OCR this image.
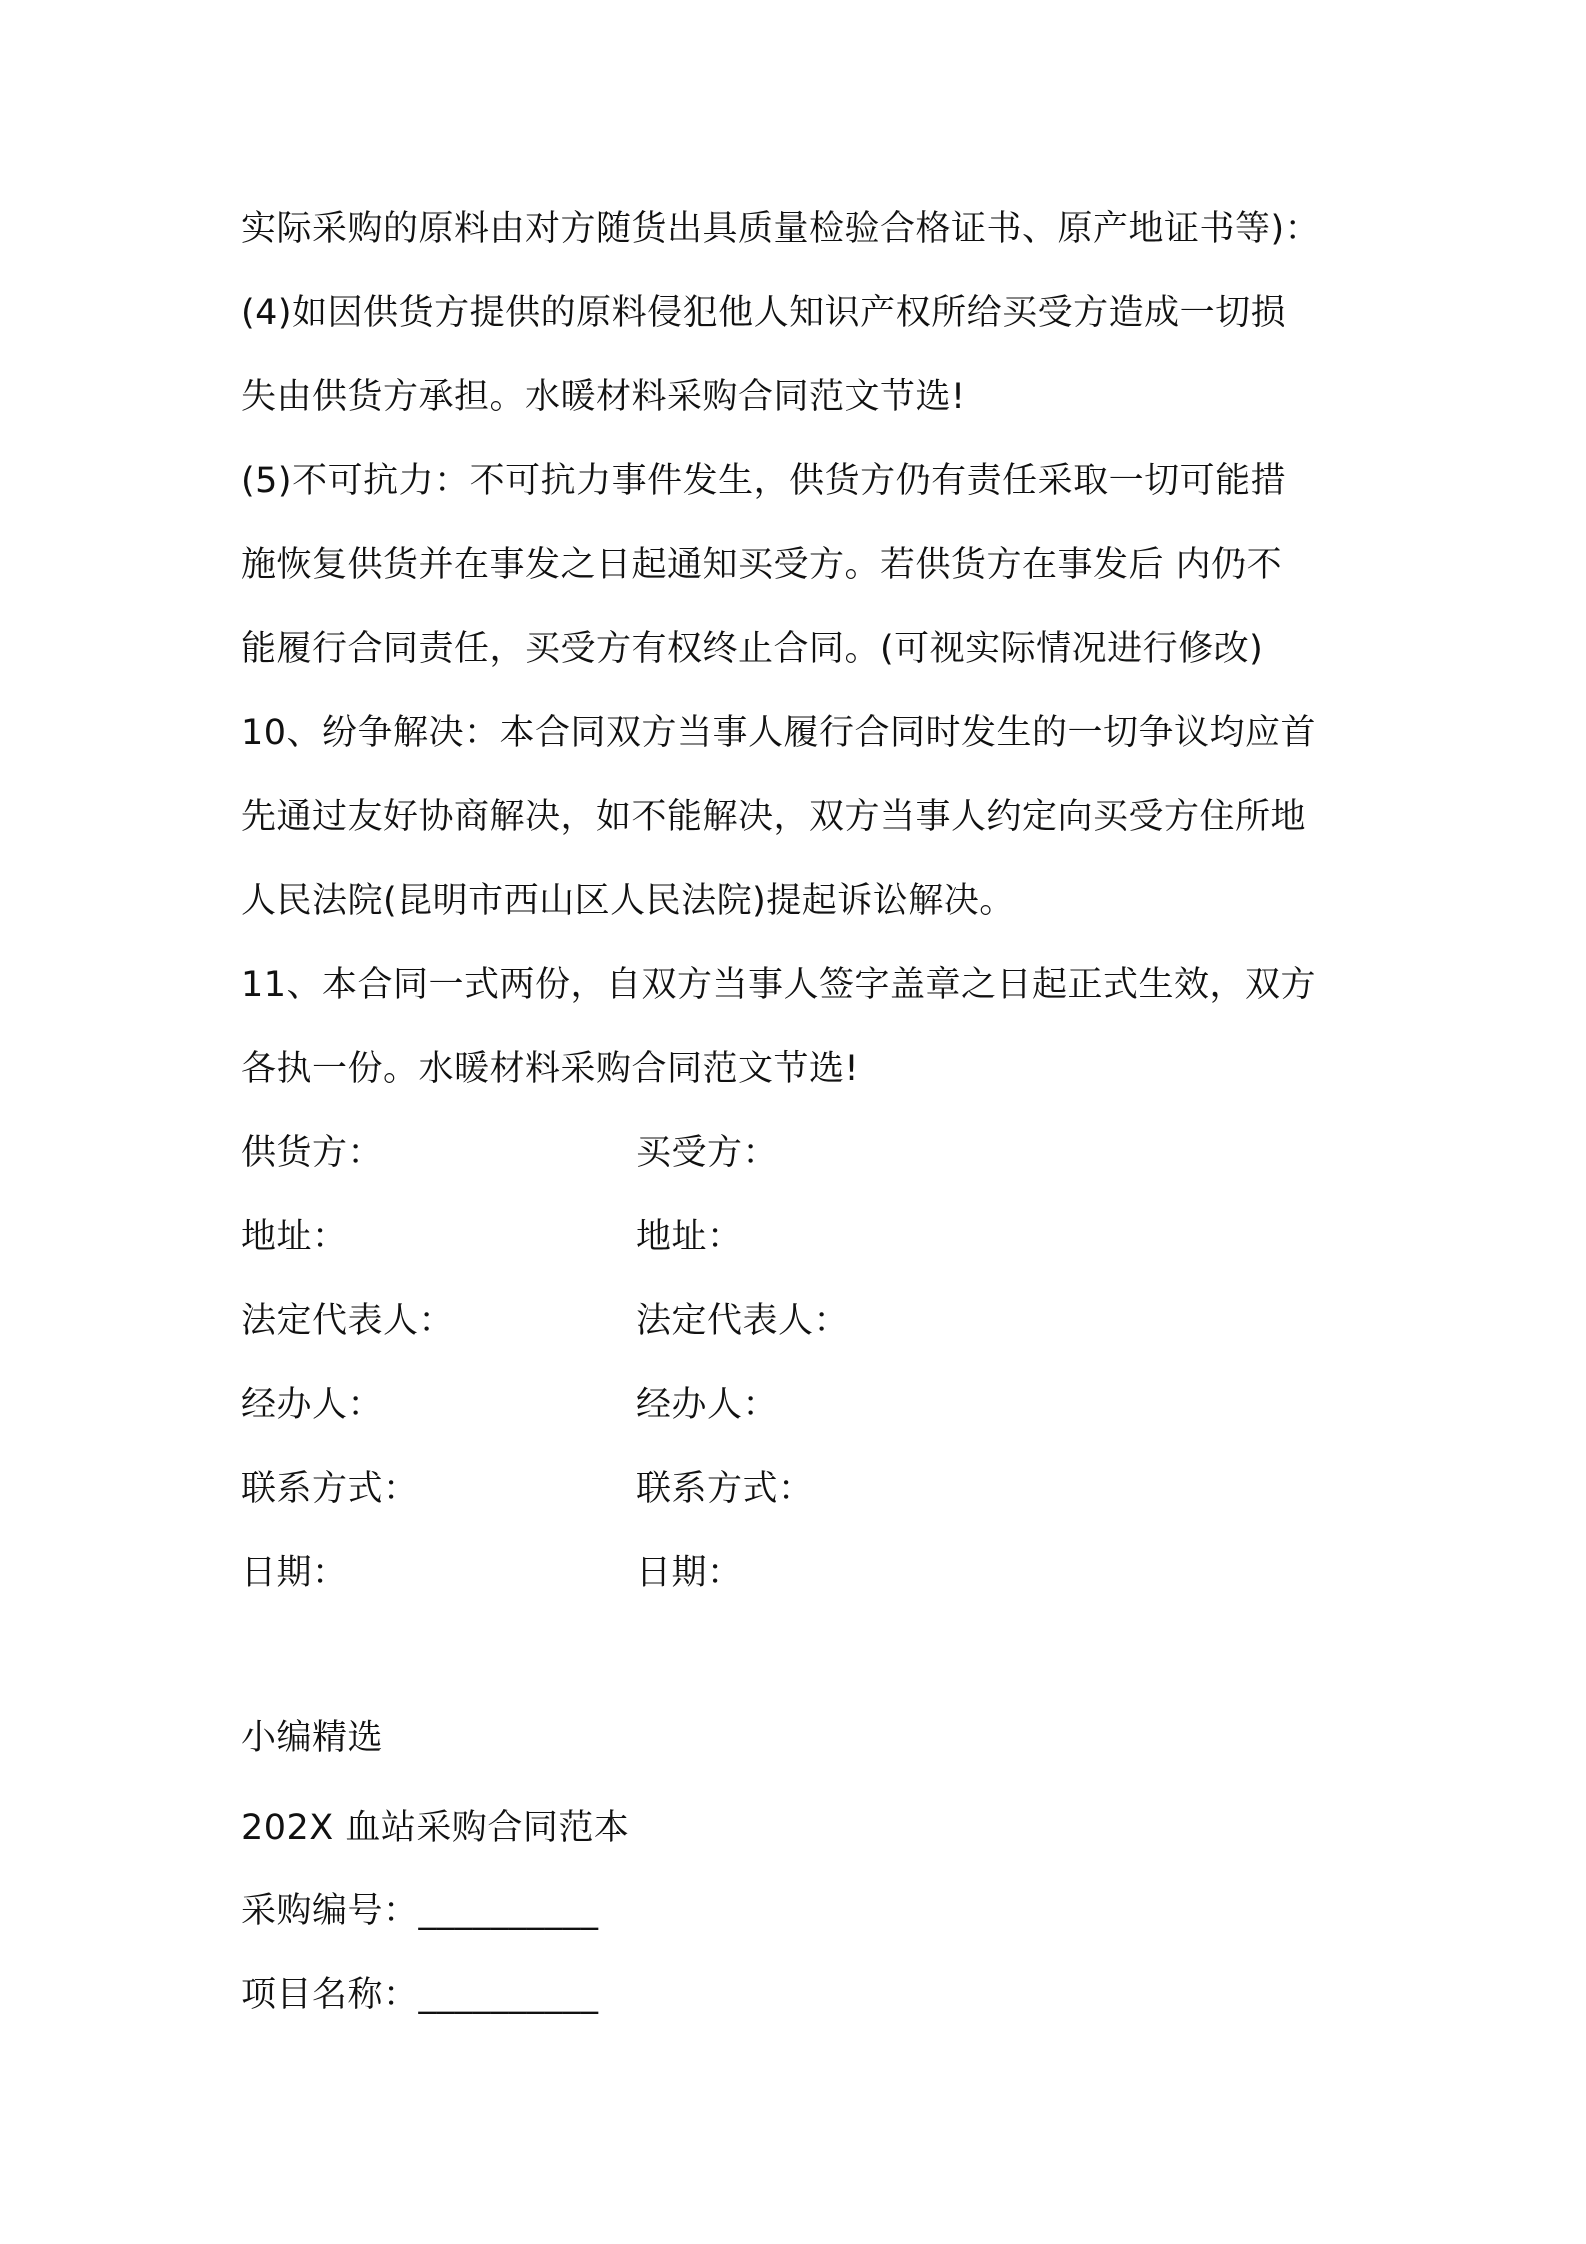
实际采购的原料由对方随货出具质量检验合格证书、原产地证书等)：
(4)如因供货方提供的原料侵犯他人知识产权所给买受方造成一切损
失由供货方承担。水暖材料采购合同范文节选!
(5)不可抗力：不可抗力事件发生，供货方仍有责任采取一切可能措
施恢复供货并在事发之日起通知买受方。若供货方在事发后 内仍不
能履行合同责任，买受方有权终止合同。(可视实际情况进行修改)
10、纷争解决：本合同双方当事人履行合同时发生的一切争议均应首
先通过友好协商解决，如不能解决，双方当事人约定向买受方住所地
人民法院(昆明市西山区人民法院)提起诉讼解决。
11、本合同一式两份，自双方当事人签字盖章之日起正式生效，双方
各执一份。水暖材料采购合同范文节选!
供货方：	买受方：
地址：	地址：
法定代表人：	法定代表人：
经办人：	经办人：
联系方式：	联系方式：
日期：	日期：
小编精选
202X 血站采购合同范本
采购编号：__________
项目名称：__________
